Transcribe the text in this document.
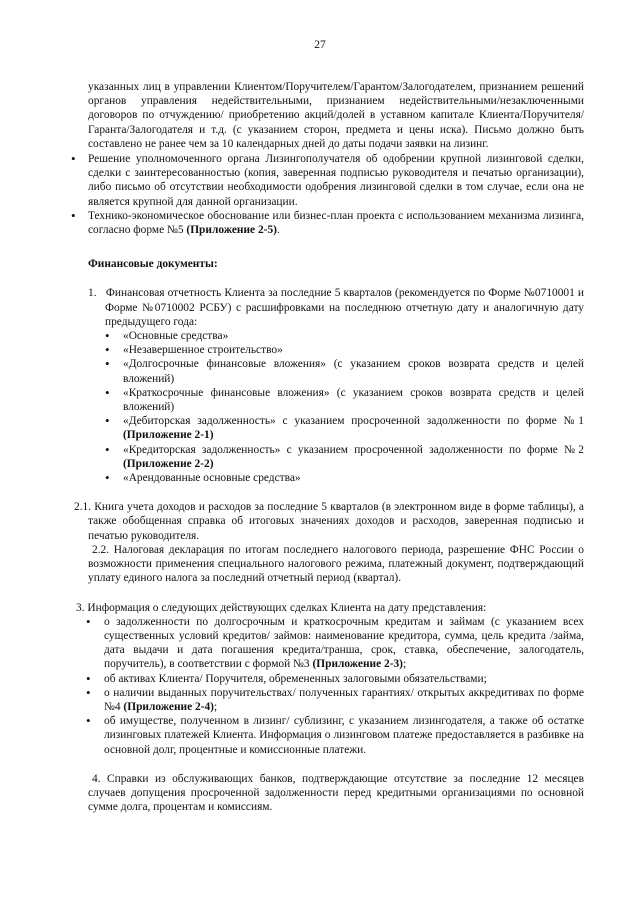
27

указанных лиц в управлении Клиентом/Поручителем/Гарантом/Залогодателем, признанием решений органов управления недействительными, признанием недействительными/незаключенными договоров по отчуждению/ приобретению акций/долей в уставном капитале Клиента/Поручителя/Гаранта/Залогодателя и т.д. (с указанием сторон, предмета и цены иска). Письмо должно быть составлено не ранее чем за 10 календарных дней до даты подачи заявки на лизинг.

• Решение уполномоченного органа Лизингополучателя об одобрении крупной лизинговой сделки, сделки с заинтересованностью (копия, заверенная подписью руководителя и печатью организации), либо письмо об отсутствии необходимости одобрения лизинговой сделки в том случае, если она не является крупной для данной организации.
• Технико-экономическое обоснование или бизнес-план проекта с использованием механизма лизинга, согласно форме №5 (Приложение 2-5).
Финансовые документы:

1. Финансовая отчетность Клиента за последние 5 кварталов (рекомендуется по Форме №0710001 и Форме №0710002 РСБУ) с расшифровками на последнюю отчетную дату и аналогичную дату предыдущего года:

• «Основные средства»
• «Незавершенное строительство»
• «Долгосрочные финансовые вложения» (с указанием сроков возврата средств и целей вложений)
• «Краткосрочные финансовые вложения» (с указанием сроков возврата средств и целей вложений)
• «Дебиторская задолженность» с указанием просроченной задолженности по форме №1 (Приложение 2-1)
• «Кредиторская задолженность» с указанием просроченной задолженности по форме №2 (Приложение 2-2)
• «Арендованные основные средства»

2.1. Книга учета доходов и расходов за последние 5 кварталов (в электронном виде в форме таблицы), а также обобщенная справка об итоговых значениях доходов и расходов, заверенная подписью и печатью руководителя.

2.2. Налоговая декларация по итогам последнего налогового периода, разрешение ФНС России о возможности применения специального налогового режима, платежный документ, подтверждающий уплату единого налога за последний отчетный период (квартал).

3. Информация о следующих действующих сделках Клиента на дату представления:

• о задолженности по долгосрочным и краткосрочным кредитам и займам (с указанием всех существенных условий кредитов/ займов: наименование кредитора, сумма, цель кредита /займа, дата выдачи и дата погашения кредита/транша, срок, ставка, обеспечение, залогодатель, поручитель), в соответствии с формой №3 (Приложение 2-3);
• об активах Клиента/ Поручителя, обремененных залоговыми обязательствами;
• о наличии выданных поручительствах/ полученных гарантиях/ открытых аккредитивах по форме №4 (Приложение 2-4);
• об имуществе, полученном в лизинг/ сублизинг, с указанием лизингодателя, а также об остатке лизинговых платежей Клиента. Информация о лизинговом платеже предоставляется в разбивке на основной долг, процентные и комиссионные платежи.

4. Справки из обслуживающих банков, подтверждающие отсутствие за последние 12 месяцев случаев допущения просроченной задолженности перед кредитными организациями по основной сумме долга, процентам и комиссиям.
